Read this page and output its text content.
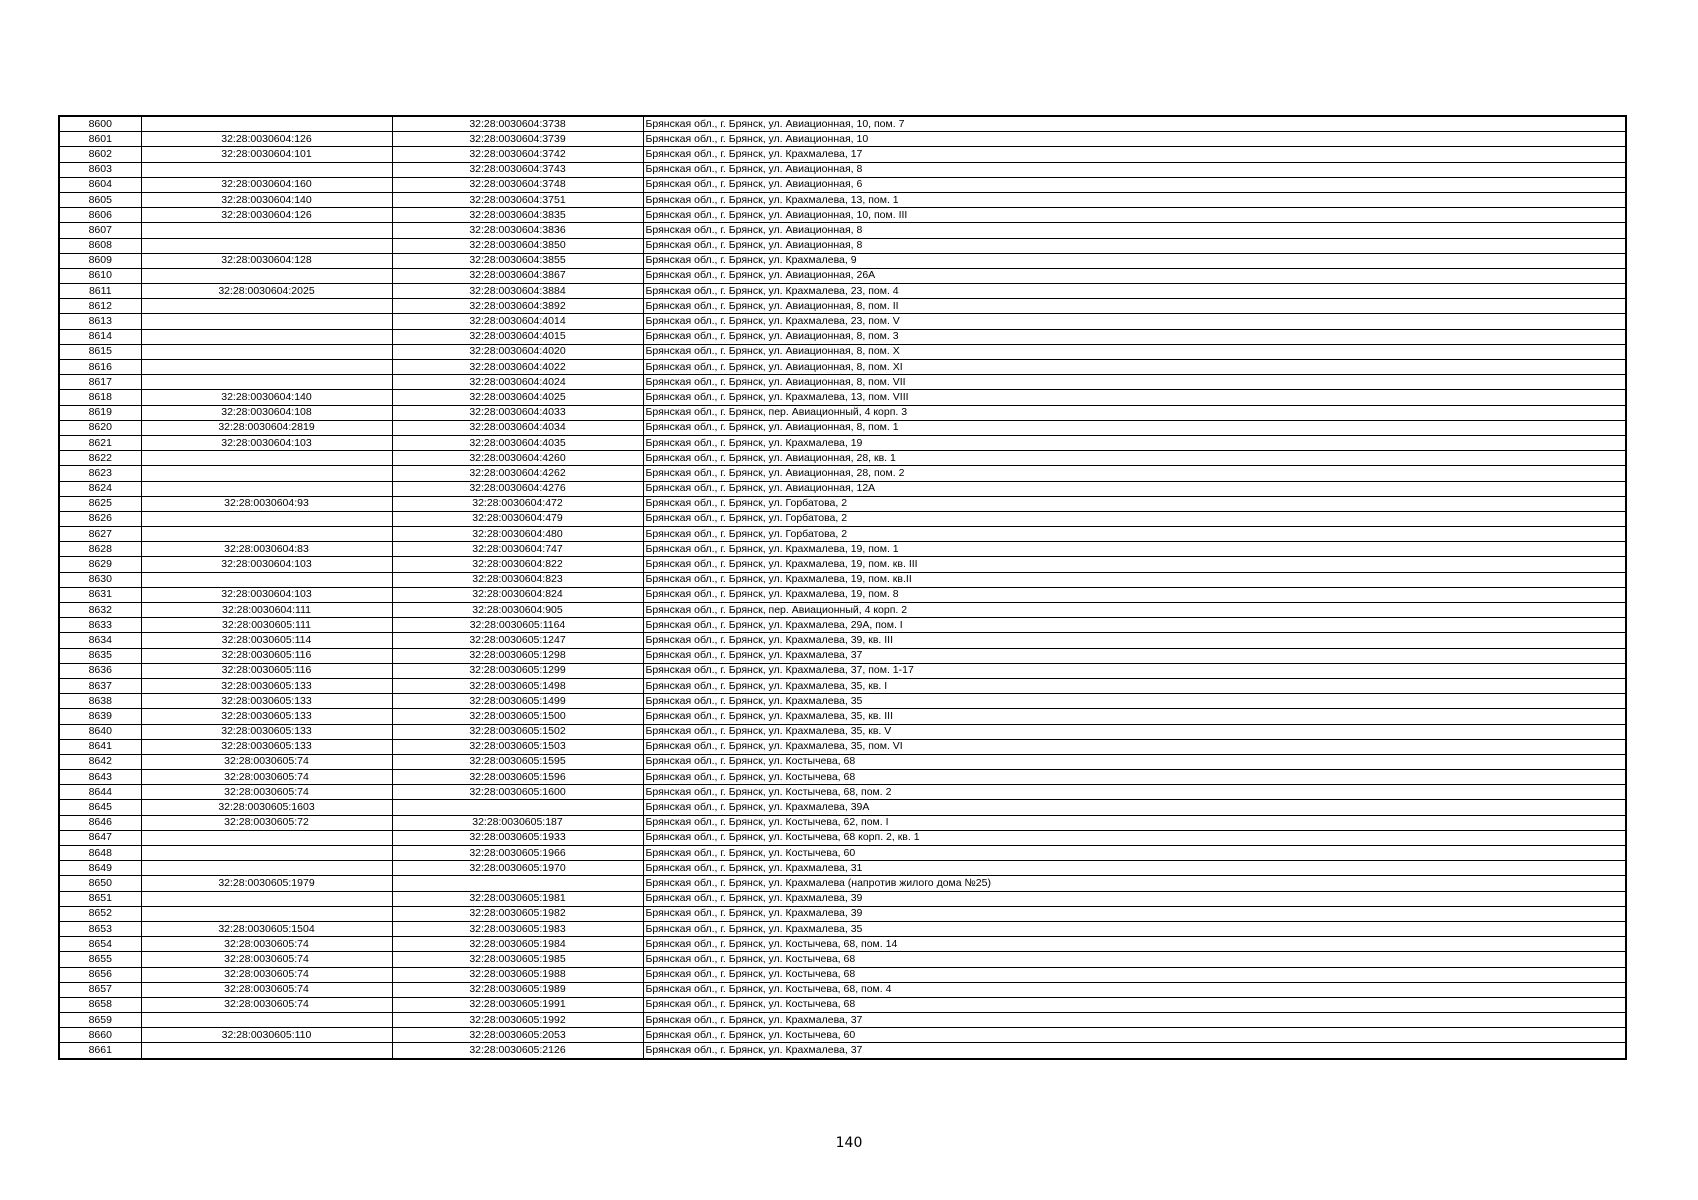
8600		32:28:0030604:3738	Брянская обл., г. Брянск, ул. Авиационная, 10, пом. 7
8601	32:28:0030604:126	32:28:0030604:3739	Брянская обл., г. Брянск, ул. Авиационная, 10
8602	32:28:0030604:101	32:28:0030604:3742	Брянская обл., г. Брянск, ул. Крахмалева, 17
8603		32:28:0030604:3743	Брянская обл., г. Брянск, ул. Авиационная, 8
8604	32:28:0030604:160	32:28:0030604:3748	Брянская обл., г. Брянск, ул. Авиационная, 6
8605	32:28:0030604:140	32:28:0030604:3751	Брянская обл., г. Брянск, ул. Крахмалева, 13, пом. 1
8606	32:28:0030604:126	32:28:0030604:3835	Брянская обл., г. Брянск, ул. Авиационная, 10, пом. III
8607		32:28:0030604:3836	Брянская обл., г. Брянск, ул. Авиационная, 8
8608		32:28:0030604:3850	Брянская обл., г. Брянск, ул. Авиационная, 8
8609	32:28:0030604:128	32:28:0030604:3855	Брянская обл., г. Брянск, ул. Крахмалева, 9
8610		32:28:0030604:3867	Брянская обл., г. Брянск, ул. Авиационная, 26А
8611	32:28:0030604:2025	32:28:0030604:3884	Брянская обл., г. Брянск, ул. Крахмалева, 23, пом. 4
8612		32:28:0030604:3892	Брянская обл., г. Брянск, ул. Авиационная, 8, пом. II
8613		32:28:0030604:4014	Брянская обл., г. Брянск, ул. Крахмалева, 23, пом. V
8614		32:28:0030604:4015	Брянская обл., г. Брянск, ул. Авиационная, 8, пом. 3
8615		32:28:0030604:4020	Брянская обл., г. Брянск, ул. Авиационная, 8, пом. X
8616		32:28:0030604:4022	Брянская обл., г. Брянск, ул. Авиационная, 8, пом. XI
8617		32:28:0030604:4024	Брянская обл., г. Брянск, ул. Авиационная, 8, пом. VII
8618	32:28:0030604:140	32:28:0030604:4025	Брянская обл., г. Брянск, ул. Крахмалева, 13, пом. VIII
8619	32:28:0030604:108	32:28:0030604:4033	Брянская обл., г. Брянск, пер. Авиационный, 4 корп. 3
8620	32:28:0030604:2819	32:28:0030604:4034	Брянская обл., г. Брянск, ул. Авиационная, 8, пом. 1
8621	32:28:0030604:103	32:28:0030604:4035	Брянская обл., г. Брянск, ул. Крахмалева, 19
8622		32:28:0030604:4260	Брянская обл., г. Брянск, ул. Авиационная, 28, кв. 1
8623		32:28:0030604:4262	Брянская обл., г. Брянск, ул. Авиационная, 28, пом. 2
8624		32:28:0030604:4276	Брянская обл., г. Брянск, ул. Авиационная, 12А
8625	32:28:0030604:93	32:28:0030604:472	Брянская обл., г. Брянск, ул. Горбатова, 2
8626		32:28:0030604:479	Брянская обл., г. Брянск, ул. Горбатова, 2
8627		32:28:0030604:480	Брянская обл., г. Брянск, ул. Горбатова, 2
8628	32:28:0030604:83	32:28:0030604:747	Брянская обл., г. Брянск, ул. Крахмалева, 19, пом. 1
8629	32:28:0030604:103	32:28:0030604:822	Брянская обл., г. Брянск, ул. Крахмалева, 19, пом. кв. III
8630		32:28:0030604:823	Брянская обл., г. Брянск, ул. Крахмалева, 19, пом. кв.II
8631	32:28:0030604:103	32:28:0030604:824	Брянская обл., г. Брянск, ул. Крахмалева, 19, пом. 8
8632	32:28:0030604:111	32:28:0030604:905	Брянская обл., г. Брянск, пер. Авиационный, 4 корп. 2
8633	32:28:0030605:111	32:28:0030605:1164	Брянская обл., г. Брянск, ул. Крахмалева, 29А, пом. I
8634	32:28:0030605:114	32:28:0030605:1247	Брянская обл., г. Брянск, ул. Крахмалева, 39, кв. III
8635	32:28:0030605:116	32:28:0030605:1298	Брянская обл., г. Брянск, ул. Крахмалева, 37
8636	32:28:0030605:116	32:28:0030605:1299	Брянская обл., г. Брянск, ул. Крахмалева, 37, пом. 1-17
8637	32:28:0030605:133	32:28:0030605:1498	Брянская обл., г. Брянск, ул. Крахмалева, 35, кв. I
8638	32:28:0030605:133	32:28:0030605:1499	Брянская обл., г. Брянск, ул. Крахмалева, 35
8639	32:28:0030605:133	32:28:0030605:1500	Брянская обл., г. Брянск, ул. Крахмалева, 35, кв. III
8640	32:28:0030605:133	32:28:0030605:1502	Брянская обл., г. Брянск, ул. Крахмалева, 35, кв. V
8641	32:28:0030605:133	32:28:0030605:1503	Брянская обл., г. Брянск, ул. Крахмалева, 35, пом. VI
8642	32:28:0030605:74	32:28:0030605:1595	Брянская обл., г. Брянск, ул. Костычева, 68
8643	32:28:0030605:74	32:28:0030605:1596	Брянская обл., г. Брянск, ул. Костычева, 68
8644	32:28:0030605:74	32:28:0030605:1600	Брянская обл., г. Брянск, ул. Костычева, 68, пом. 2
8645	32:28:0030605:1603		Брянская обл., г. Брянск, ул. Крахмалева, 39А
8646	32:28:0030605:72	32:28:0030605:187	Брянская обл., г. Брянск, ул. Костычева, 62, пом. I
8647		32:28:0030605:1933	Брянская обл., г. Брянск, ул. Костычева, 68 корп. 2, кв. 1
8648		32:28:0030605:1966	Брянская обл., г. Брянск, ул. Костычева, 60
8649		32:28:0030605:1970	Брянская обл., г. Брянск, ул. Крахмалева, 31
8650	32:28:0030605:1979		Брянская обл., г. Брянск, ул. Крахмалева (напротив жилого дома №25)
8651		32:28:0030605:1981	Брянская обл., г. Брянск, ул. Крахмалева, 39
8652		32:28:0030605:1982	Брянская обл., г. Брянск, ул. Крахмалева, 39
8653	32:28:0030605:1504	32:28:0030605:1983	Брянская обл., г. Брянск, ул. Крахмалева, 35
8654	32:28:0030605:74	32:28:0030605:1984	Брянская обл., г. Брянск, ул. Костычева, 68, пом. 14
8655	32:28:0030605:74	32:28:0030605:1985	Брянская обл., г. Брянск, ул. Костычева, 68
8656	32:28:0030605:74	32:28:0030605:1988	Брянская обл., г. Брянск, ул. Костычева, 68
8657	32:28:0030605:74	32:28:0030605:1989	Брянская обл., г. Брянск, ул. Костычева, 68, пом. 4
8658	32:28:0030605:74	32:28:0030605:1991	Брянская обл., г. Брянск, ул. Костычева, 68
8659		32:28:0030605:1992	Брянская обл., г. Брянск, ул. Крахмалева, 37
8660	32:28:0030605:110	32:28:0030605:2053	Брянская обл., г. Брянск, ул. Костычева, 60
8661		32:28:0030605:2126	Брянская обл., г. Брянск, ул. Крахмалева, 37
140
